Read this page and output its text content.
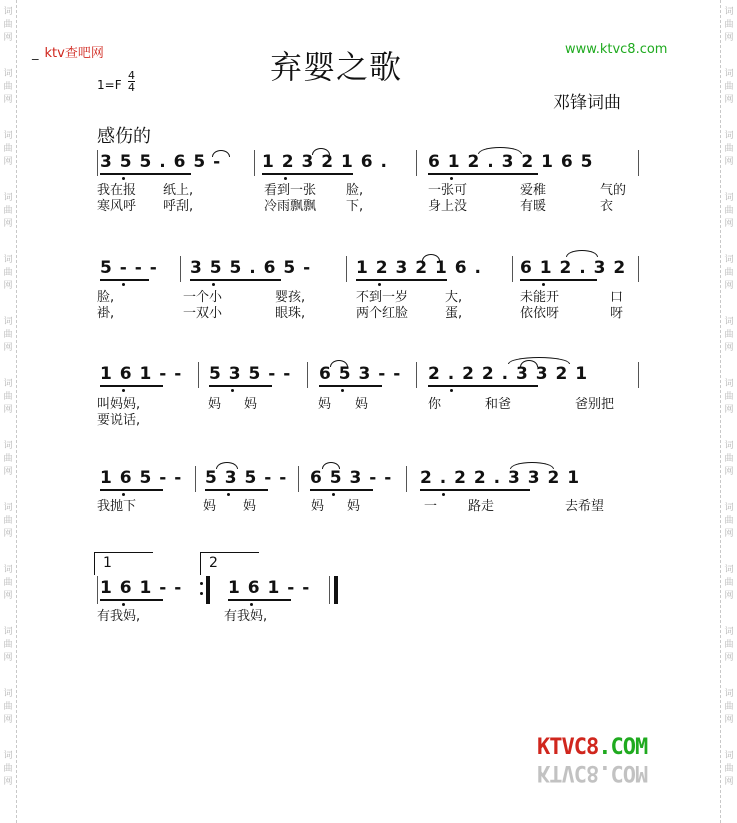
词
曲
网
词
曲
网
词
曲
网
词
曲
网
词
曲
网
词
曲
网
词
曲
网
词
曲
网
词
曲
网
词
曲
网
词
曲
网
词
曲
网
词
曲
网
词
曲
网
词
曲
网
词
曲
网
词
曲
网
词
曲
网
词
曲
网
词
曲
网
词
曲
网
词
曲
网
词
曲
网
词
曲
网
词
曲
网
词
曲
网
_ ktv查吧网	www.ktvc8.com
弃婴之歌
1=F
4
4
邓锋词曲
感伤的
3 5 5 . 6 5 - 1 2 3 2 1 6 . 6 1 2 . 3 2 1 6 5
我在报 纸上,	看到一张 脸,	一张可	爱稚	气的
寒风呼 呼刮,	冷雨飘飘 下,	身上没	有暖	衣
5 - - - 3 5 5 . 6 5 -	1 2 3 2 1 6 . 6 1 2 . 3 2
脸,	一个小	婴孩,	不到一岁	大,	未能开	口
褂,	一双小	眼珠,	两个红脸	蛋,	依依呀	呀
1 6 1 - - 5 3 5 - - 6 5 3 - - 2 . 2 2 . 3 3 2 1
叫妈妈,	妈 妈	妈 妈	你	和爸	爸别把
要说话,
1 6 5 - - 5 3 5 - - 6 5 3 - - 2 . 2 2 . 3 3 2 1
我抛下	妈 妈	妈 妈	一 路走	去希望
1 6 1 - -	1 6 1 - -
有我妈,	有我妈,
1	2
KTVC8.COM
KTVC8.COM
